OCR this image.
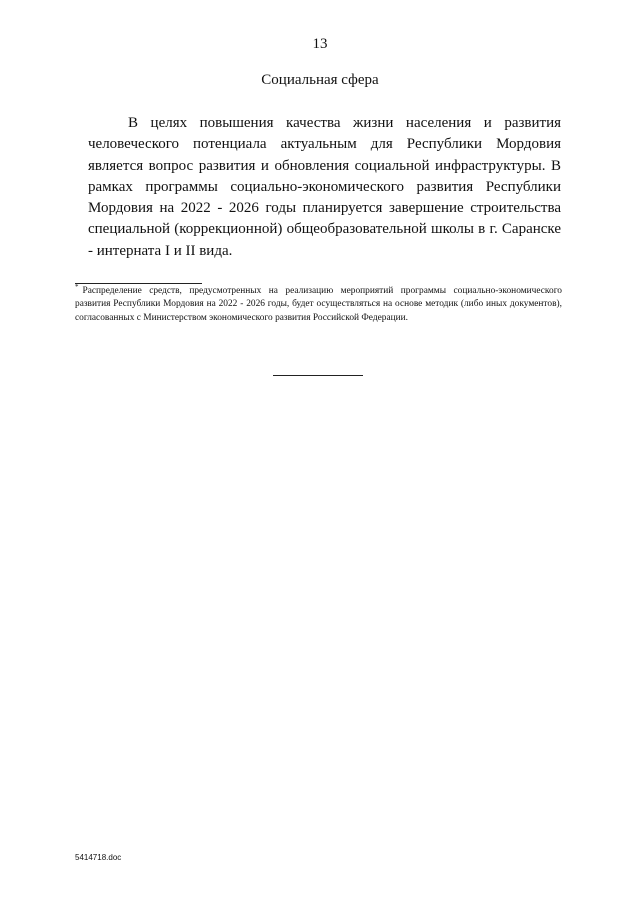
13
Социальная сфера

В целях повышения качества жизни населения и развития человеческого потенциала актуальным для Республики Мордовия является вопрос развития и обновления социальной инфраструктуры. В рамках программы социально-экономического развития Республики Мордовия на 2022 - 2026 годы планируется завершение строительства специальной (коррекционной) общеобразовательной школы в г. Саранске - интерната I и II вида.

* Распределение средств, предусмотренных на реализацию мероприятий программы социально-экономического развития Республики Мордовия на 2022 - 2026 годы, будет осуществляться на основе методик (либо иных документов), согласованных с Министерством экономического развития Российской Федерации.

5414718.doc
